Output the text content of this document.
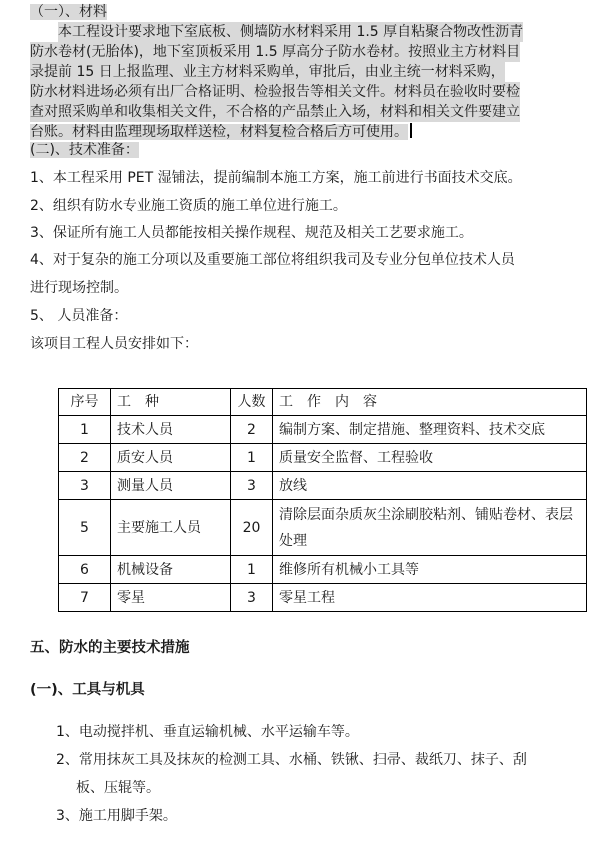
（一）、材料
本工程设计要求地下室底板、侧墙防水材料采用 1.5 厚自粘聚合物改性沥青
防水卷材(无胎体)，地下室顶板采用 1.5 厚高分子防水卷材。按照业主方材料目
录提前 15 日上报监理、业主方材料采购单，审批后，由业主统一材料采购，
防水材料进场必须有出厂合格证明、检验报告等相关文件。材料员在验收时要检
查对照采购单和收集相关文件，不合格的产品禁止入场，材料和相关文件要建立
台账。材料由监理现场取样送检，材料复检合格后方可使用。
(二)、技术准备：
1、本工程采用 PET 湿铺法，提前编制本施工方案，施工前进行书面技术交底。
2、组织有防水专业施工资质的施工单位进行施工。
3、保证所有施工人员都能按相关操作规程、规范及相关工艺要求施工。
4、对于复杂的施工分项以及重要施工部位将组织我司及专业分包单位技术人员
进行现场控制。
5、 人员准备：
该项目工程人员安排如下：
序号	工　种	人数	工　作　内　容
1	技术人员	2	编制方案、制定措施、整理资料、技术交底
2	质安人员	1	质量安全监督、工程验收
3	测量人员	3	放线
5	主要施工人员	20	清除层面杂质灰尘涂刷胶粘剂、铺贴卷材、表层处理
6	机械设备	1	维修所有机械小工具等
7	零星	3	零星工程
五、防水的主要技术措施
(一)、工具与机具
1、电动搅拌机、垂直运输机械、水平运输车等。
2、常用抹灰工具及抹灰的检测工具、水桶、铁锹、扫帚、裁纸刀、抹子、刮
板、压辊等。
3、施工用脚手架。
